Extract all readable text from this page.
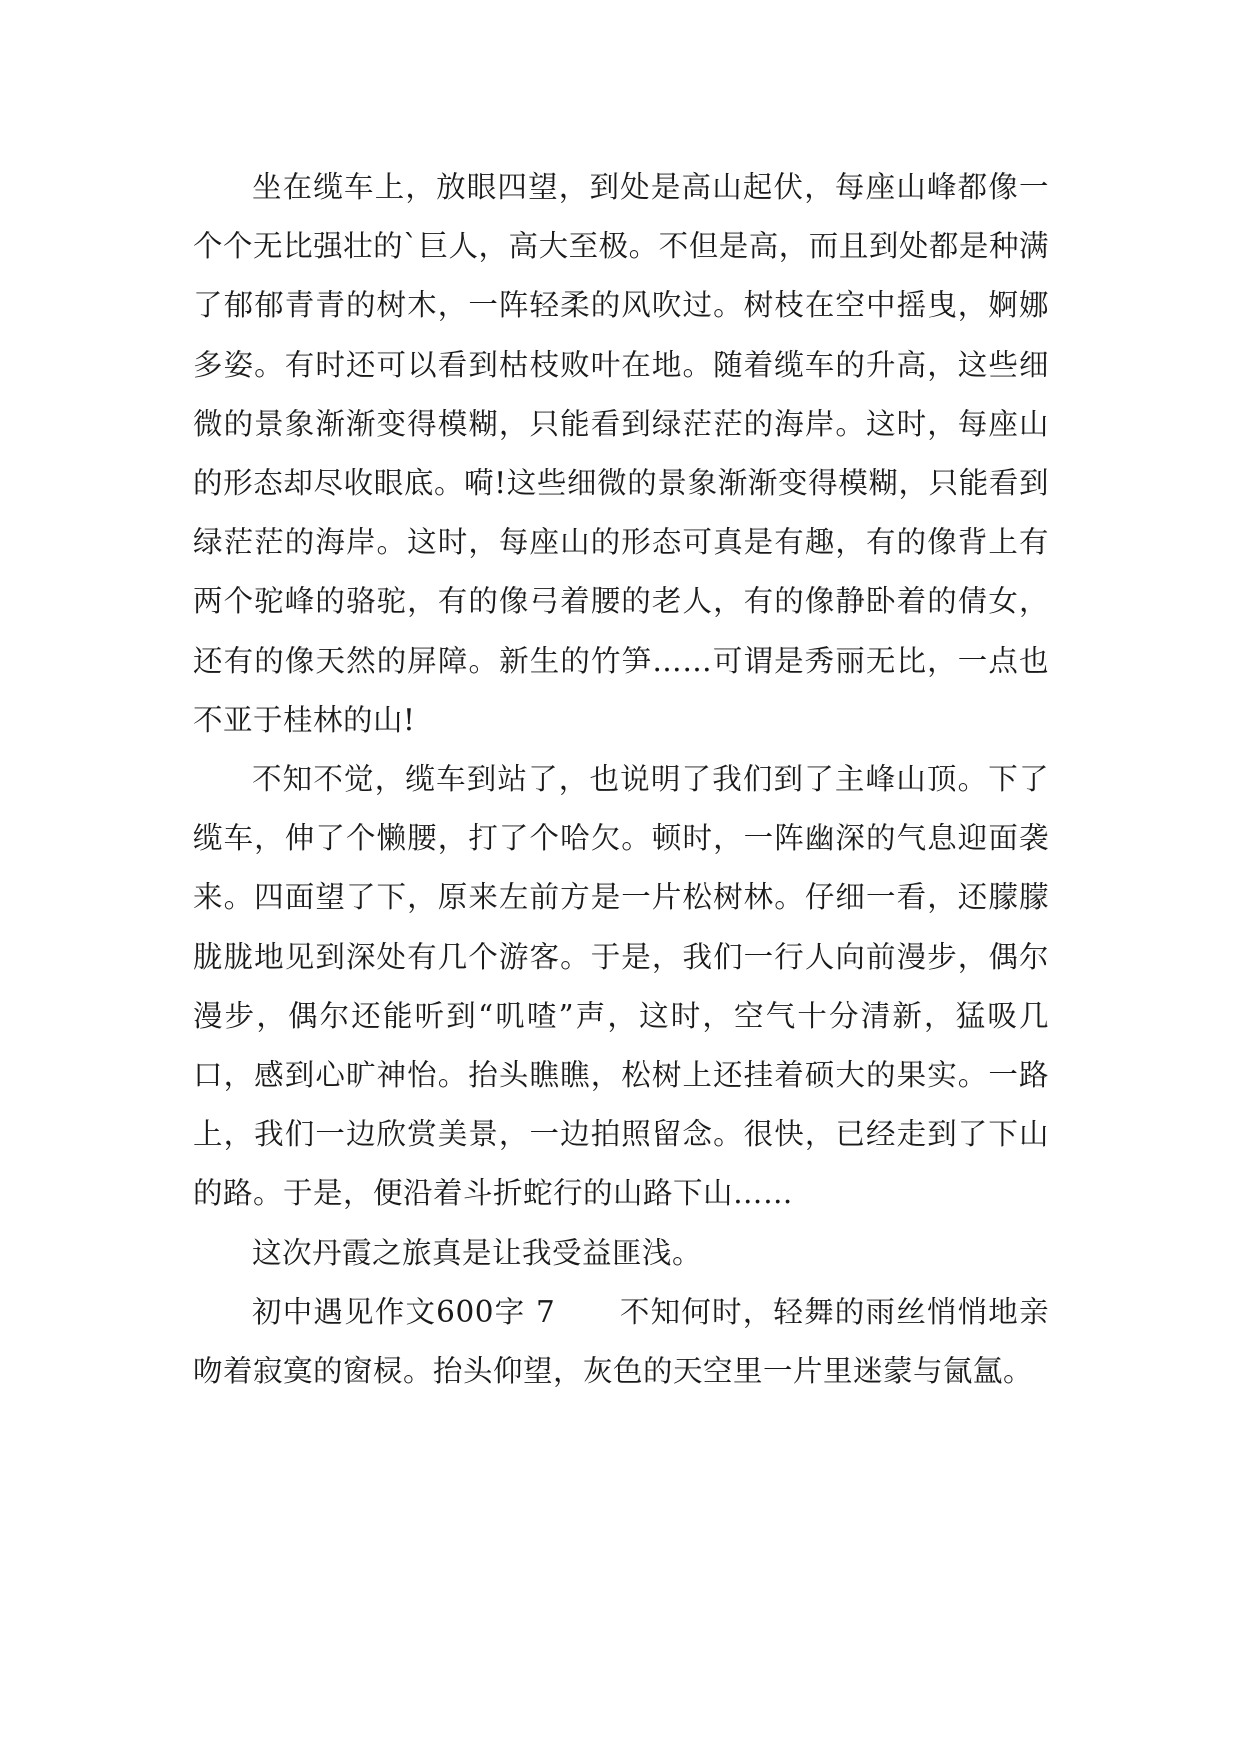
坐在缆车上，放眼四望，到处是高山起伏，每座山峰都像一个个无比强壮的`巨人，高大至极。不但是高，而且到处都是种满了郁郁青青的树木，一阵轻柔的风吹过。树枝在空中摇曳，婀娜多姿。有时还可以看到枯枝败叶在地。随着缆车的升高，这些细微的景象渐渐变得模糊，只能看到绿茫茫的海岸。这时，每座山的形态却尽收眼底。嗬!这些细微的景象渐渐变得模糊，只能看到绿茫茫的海岸。这时，每座山的形态可真是有趣，有的像背上有两个驼峰的骆驼，有的像弓着腰的老人，有的像静卧着的倩女，还有的像天然的屏障。新生的竹笋……可谓是秀丽无比，一点也不亚于桂林的山!

不知不觉，缆车到站了，也说明了我们到了主峰山顶。下了缆车，伸了个懒腰，打了个哈欠。顿时，一阵幽深的气息迎面袭来。四面望了下，原来左前方是一片松树林。仔细一看，还朦朦胧胧地见到深处有几个游客。于是，我们一行人向前漫步，偶尔漫步，偶尔还能听到“叽喳”声，这时，空气十分清新，猛吸几口，感到心旷神怡。抬头瞧瞧，松树上还挂着硕大的果实。一路上，我们一边欣赏美景，一边拍照留念。很快，已经走到了下山的路。于是，便沿着斗折蛇行的山路下山……

这次丹霞之旅真是让我受益匪浅。

初中遇见作文600字 7 不知何时，轻舞的雨丝悄悄地亲吻着寂寞的窗棂。抬头仰望，灰色的天空里一片里迷蒙与氤氲。
